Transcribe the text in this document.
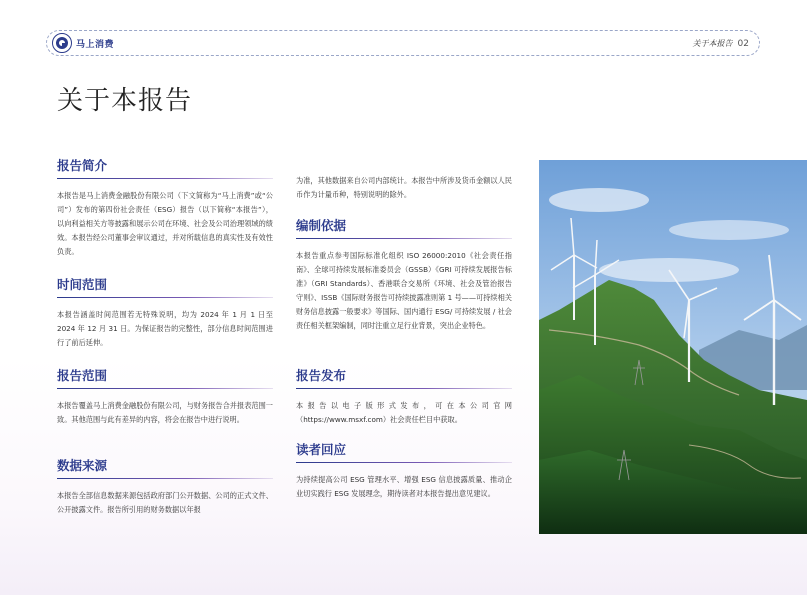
马上消费	关于本报告 02
关于本报告
报告简介

本报告是马上消费金融股份有限公司（下文简称为“马上消费”或“公司”）发布的第四份社会责任（ESG）报告（以下简称“本报告”），以向利益相关方等披露和展示公司在环境、社会及公司治理领域的绩效。本报告经公司董事会审议通过，并对所载信息的真实性及有效性负责。

时间范围

本报告涵盖时间范围若无特殊说明，均为 2024 年 1 月 1 日至 2024 年 12 月 31 日。为保证报告的完整性，部分信息时间范围进行了前后延伸。

报告范围

本报告覆盖马上消费金融股份有限公司，与财务报告合并报表范围一致。其他范围与此有差异的内容，将会在报告中进行说明。

数据来源

本报告全部信息数据来源包括政府部门公开数据、公司的正式文件、公开披露文件。报告所引用的财务数据以年报

为准，其他数据来自公司内部统计。本报告中所涉及货币金额以人民币作为计量币种，特别说明的除外。

编制依据

本报告重点参考国际标准化组织 ISO 26000:2010《社会责任指南》、全球可持续发展标准委员会（GSSB）《GRI 可持续发展报告标准》（GRI Standards）、香港联合交易所《环境、社会及管治报告守则》、ISSB《国际财务报告可持续披露准则第 1 号——可持续相关财务信息披露一般要求》等国际、国内通行 ESG/ 可持续发展 / 社会责任相关框架编制，同时注重立足行业背景，突出企业特色。

报告发布

本报告以电子版形式发布，可在本公司官网（https://www.msxf.com）社会责任栏目中获取。

读者回应

为持续提高公司 ESG 管理水平、增强 ESG 信息披露质量、推动企业切实践行 ESG 发展理念，期待读者对本报告提出意见建议。
